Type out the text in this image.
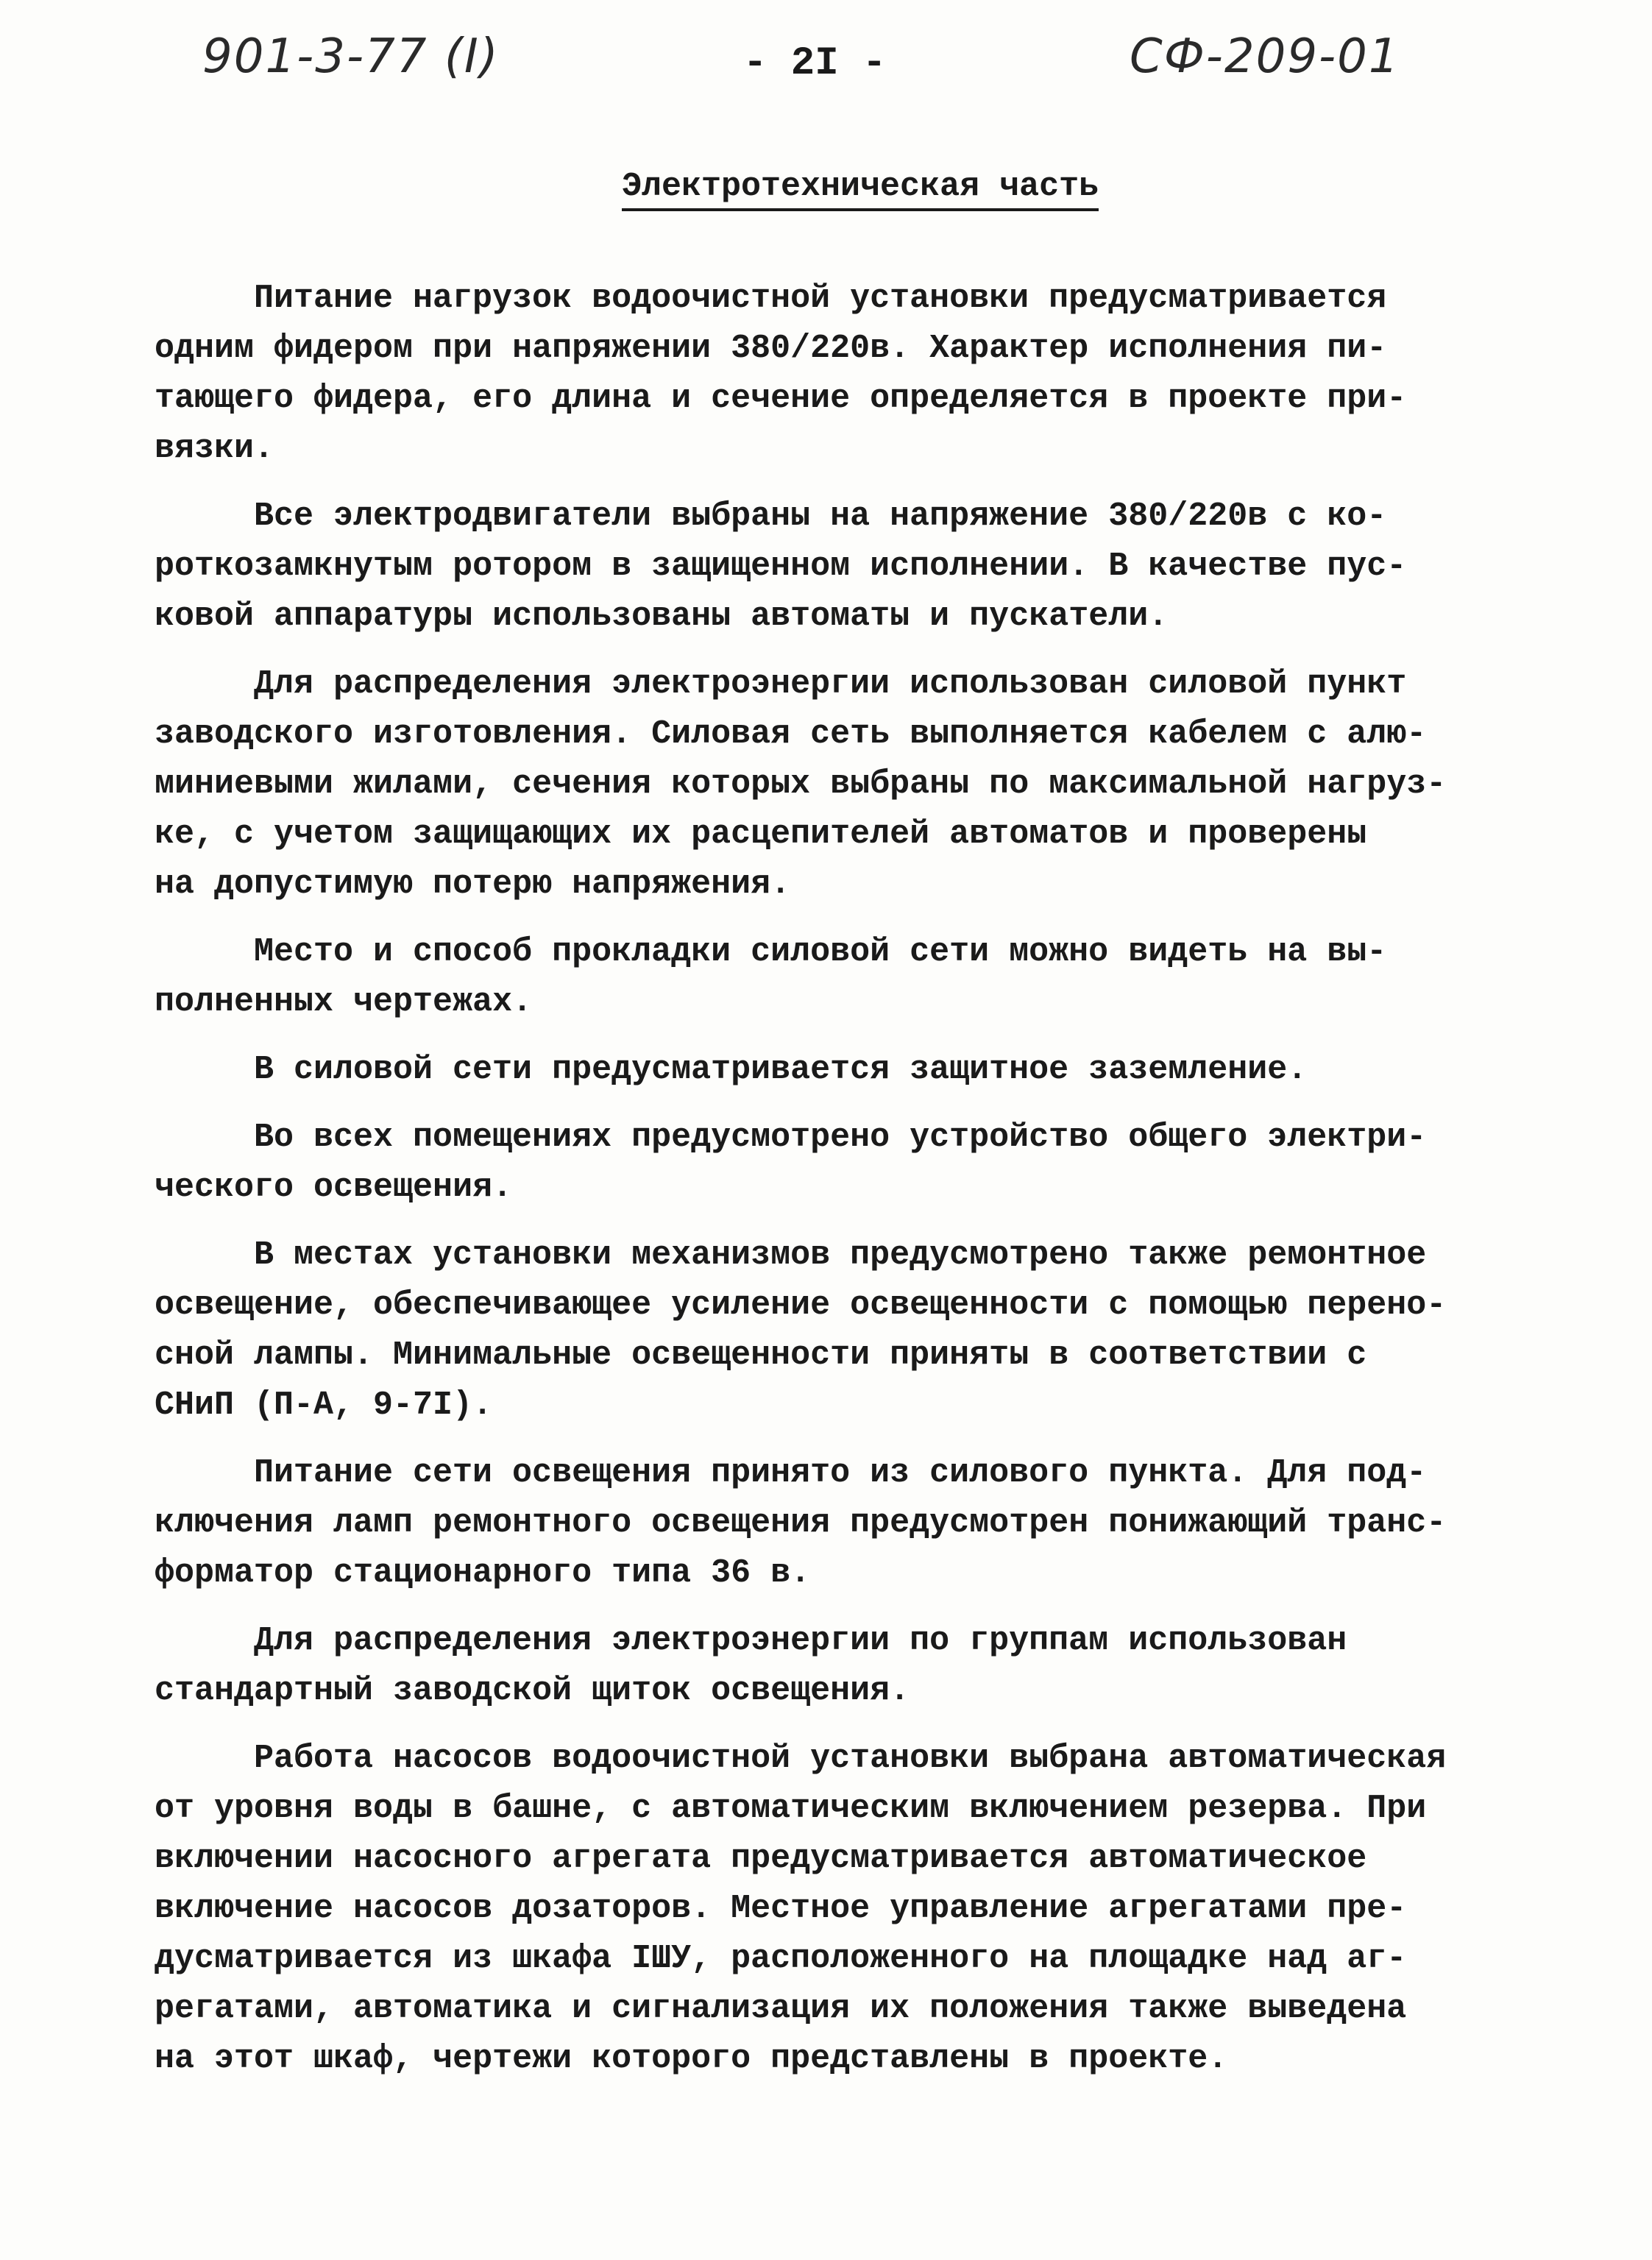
901-3-77 (I)	- 2I -	СФ-209-01
Электротехническая часть
Питание нагрузок водоочистной установки предусматривается
одним фидером при напряжении 380/220в. Характер исполнения пи-
тающего фидера, его длина и сечение определяется в проекте при-
вязки.
Все электродвигатели выбраны на напряжение 380/220в с ко-
роткозамкнутым ротором в защищенном исполнении. В качестве пус-
ковой аппаратуры использованы автоматы и пускатели.
Для распределения электроэнергии использован силовой пункт
заводского изготовления. Силовая сеть выполняется кабелем с алю-
миниевыми жилами, сечения которых выбраны по максимальной нагруз-
ке, с учетом защищающих их расцепителей автоматов и проверены
на допустимую потерю напряжения.
Место и способ прокладки силовой сети можно видеть на вы-
полненных чертежах.
В силовой сети предусматривается защитное заземление.
Во всех помещениях предусмотрено устройство общего электри-
ческого освещения.
В местах установки механизмов предусмотрено также ремонтное
освещение, обеспечивающее усиление освещенности с помощью перено-
сной лампы. Минимальные освещенности приняты в соответствии с
СНиП (П-А, 9-7I).
Питание сети освещения принято из силового пункта. Для под-
ключения ламп ремонтного освещения предусмотрен понижающий транс-
форматор стационарного типа 36 в.
Для распределения электроэнергии по группам использован
стандартный заводской щиток освещения.
Работа насосов водоочистной установки выбрана автоматическая
от уровня воды в башне, с автоматическим включением резерва. При
включении насосного агрегата предусматривается автоматическое
включение насосов дозаторов. Местное управление агрегатами пре-
дусматривается из шкафа IШУ, расположенного на площадке над аг-
регатами, автоматика и сигнализация их положения также выведена
на этот шкаф, чертежи которого представлены в проекте.
